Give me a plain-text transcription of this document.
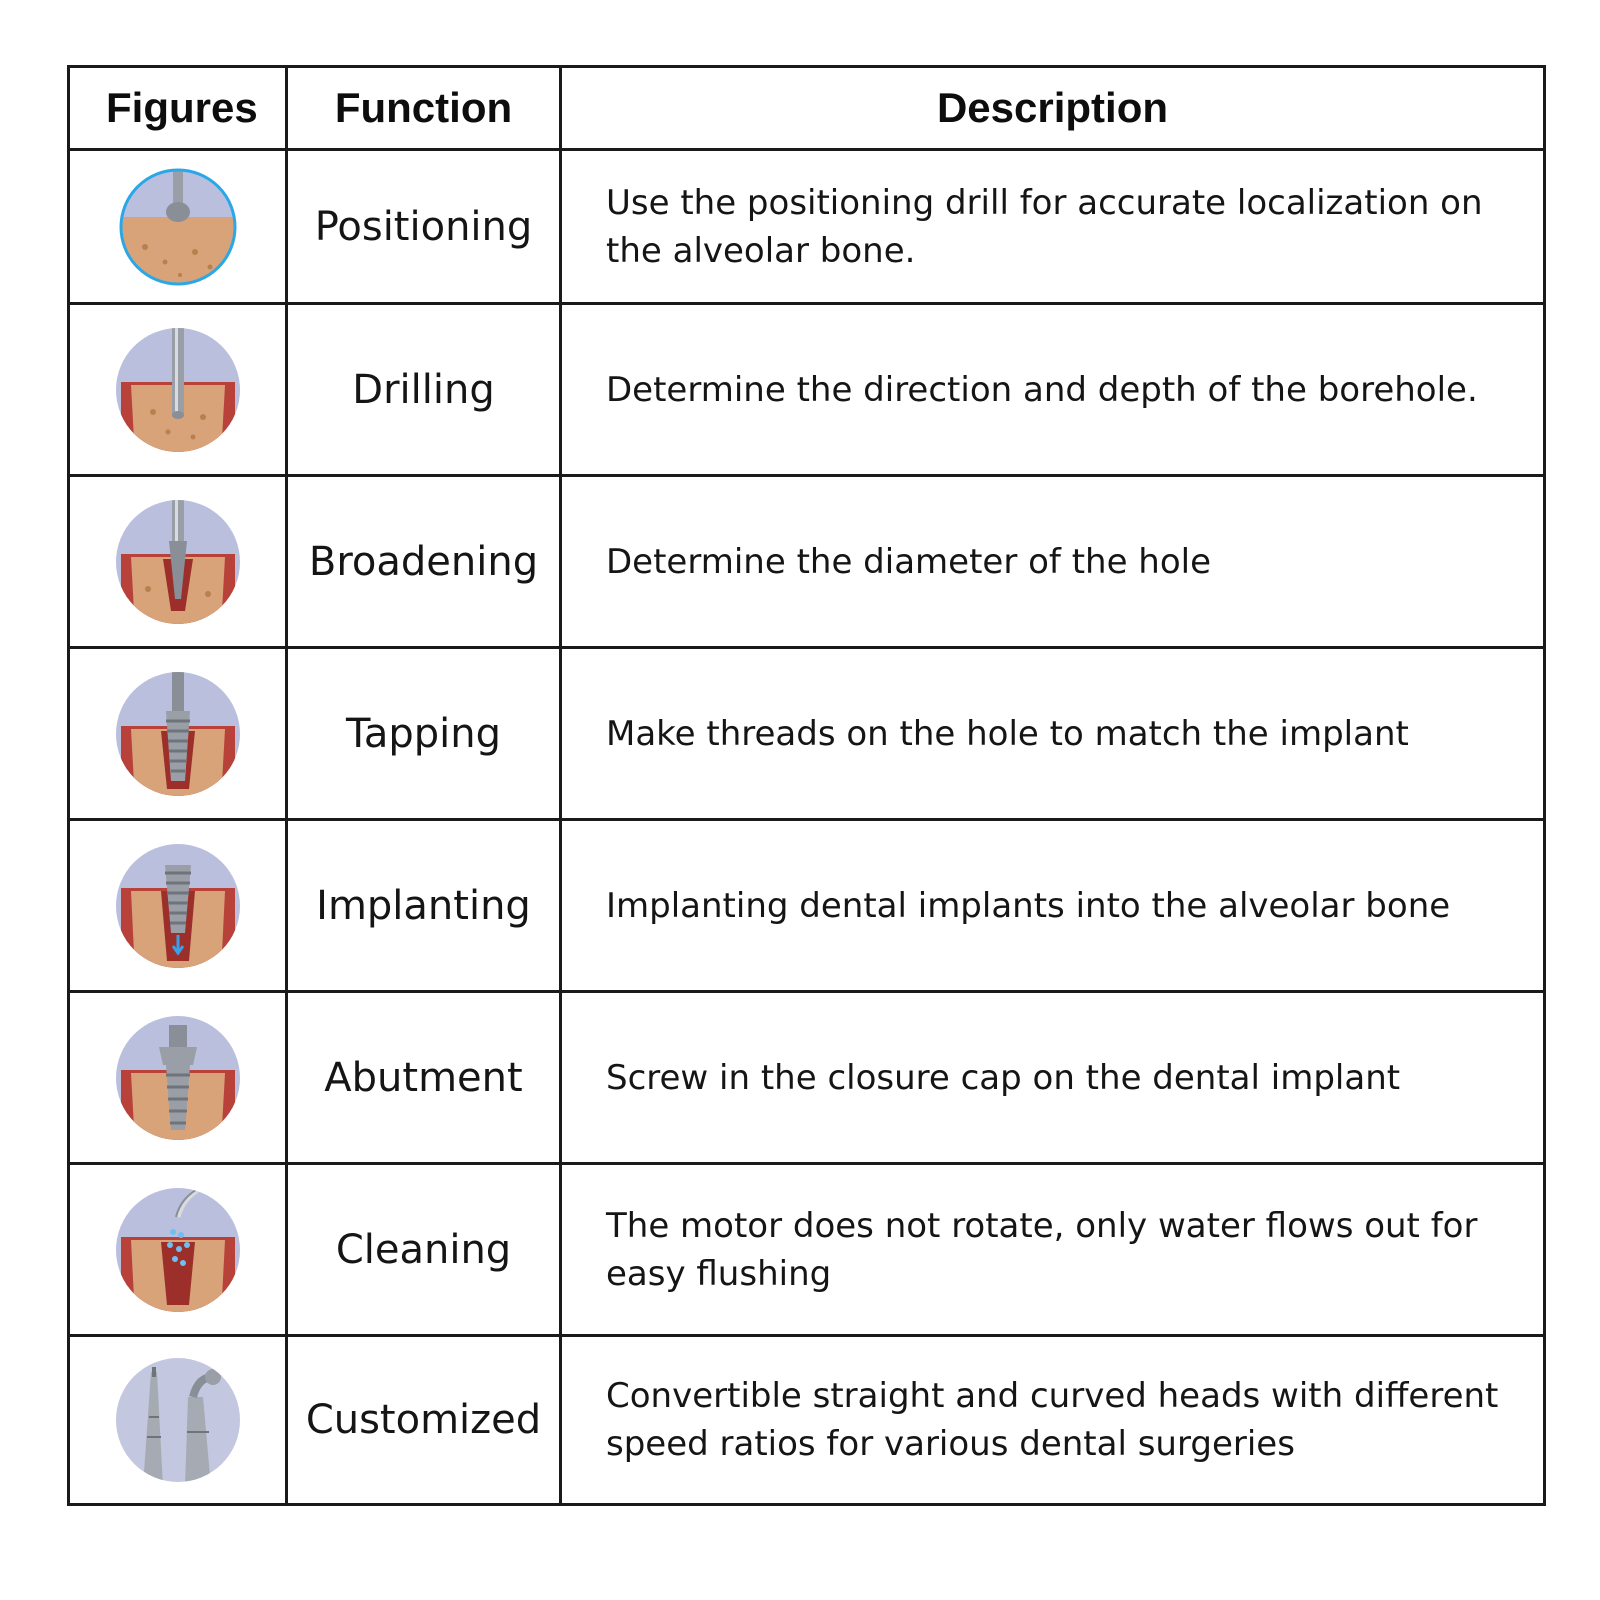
Figures	Function	Description

	Positioning	Use the positioning drill for accurate localization on the alveolar bone.

	Drilling	Determine the direction and depth of the borehole.

	Broadening	Determine the diameter of the hole

	Tapping	Make threads on the hole to match the implant

	Implanting	Implanting dental implants into the alveolar bone

	Abutment	Screw in the closure cap on the dental implant

	Cleaning	The motor does not rotate, only water flows out for easy flushing

	Customized	Convertible straight and curved heads with different speed ratios for various dental surgeries
